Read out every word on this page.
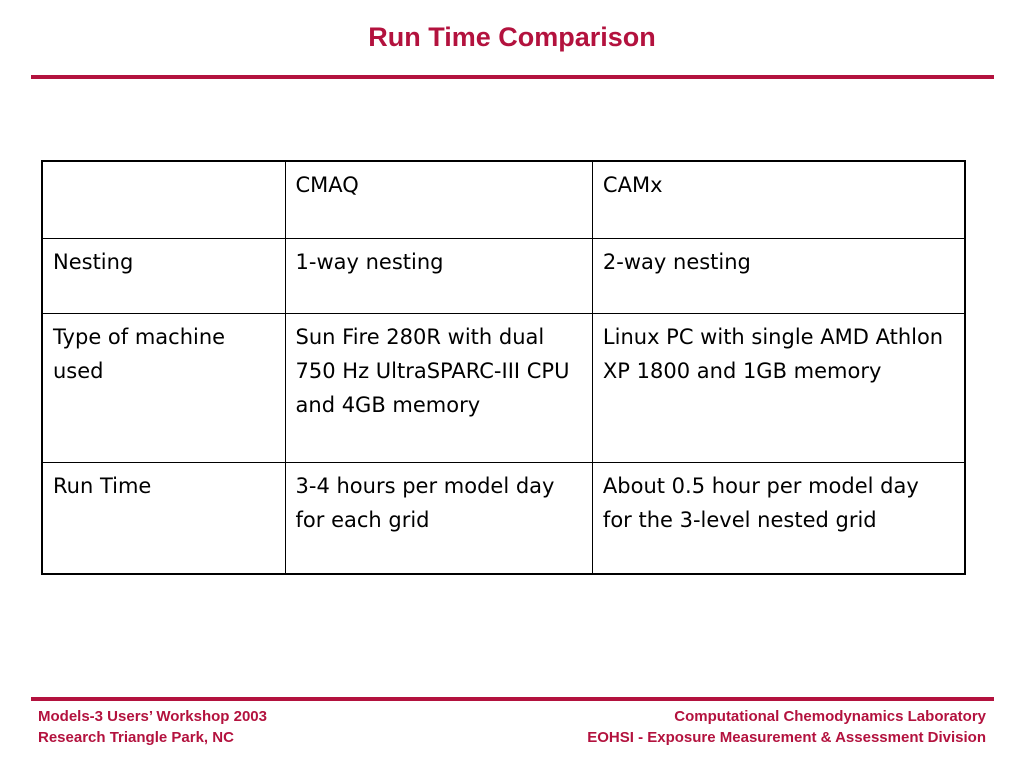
Run Time Comparison
	CMAQ	CAMx
Nesting	1-way nesting	2-way nesting
Type of machine used	Sun Fire 280R with dual 750 Hz UltraSPARC-III CPU and 4GB memory	Linux PC with single AMD Athlon XP 1800 and 1GB memory
Run Time	3-4 hours per model day for each grid	About 0.5 hour per model day for the 3-level nested grid
Models-3 Users’ Workshop 2003
Research Triangle Park, NC
Computational Chemodynamics Laboratory
EOHSI - Exposure Measurement & Assessment Division
